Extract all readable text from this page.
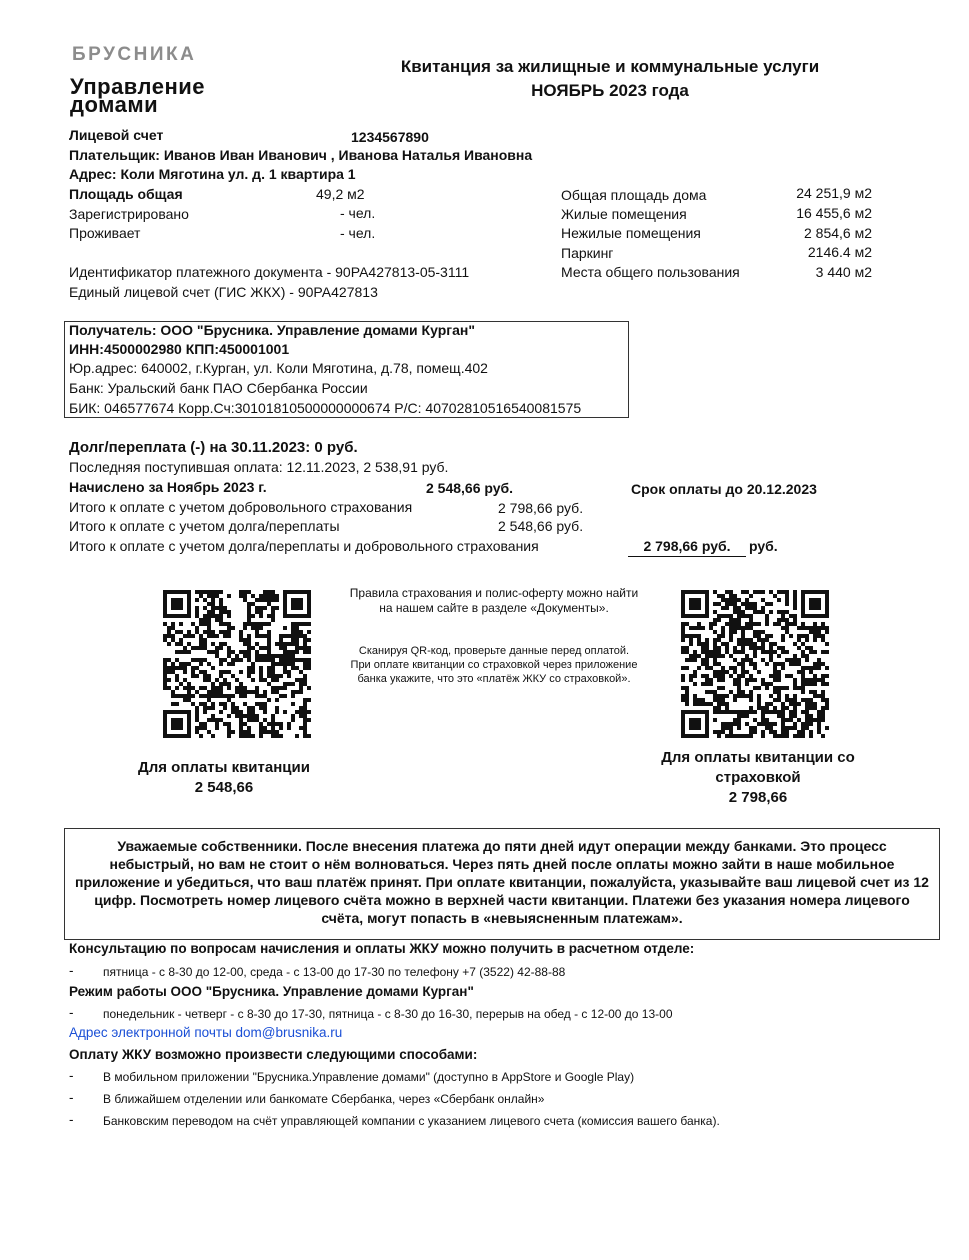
БРУСНИКА
Управление
домами
Квитанция за жилищные и коммунальные услуги
НОЯБРЬ 2023 года
Лицевой счет	1234567890
Плательщик: Иванов Иван Иванович , Иванова Наталья Ивановна
Адрес: Коли Мяготина ул. д. 1 квартира 1
Площадь общая	49,2 м2
Зарегистрировано	- чел.
Проживает	- чел.
Идентификатор платежного документа - 90РА427813-05-3111
Единый лицевой счет (ГИС ЖКХ) - 90РА427813
Общая площадь дома	24 251,9 м2
Жилые помещения	16 455,6 м2
Нежилые помещения	2 854,6 м2
Паркинг	2146.4 м2
Места общего пользования	3 440 м2
Получатель: ООО "Брусника. Управление домами Курган"
ИНН:4500002980 КПП:450001001
Юр.адрес: 640002, г.Курган, ул. Коли Мяготина, д.78, помещ.402
Банк: Уральский банк ПАО Сбербанка России
БИК: 046577674 Корр.Сч:30101810500000000674 Р/С: 40702810516540081575
Долг/переплата (-) на 30.11.2023: 0 руб.
Последняя поступившая оплата: 12.11.2023, 2 538,91 руб.
Начислено за Ноябрь 2023 г.	2 548,66 руб.	Срок оплаты до 20.12.2023
Итого к оплате с учетом добровольного страхования	2 798,66 руб.
Итого к оплате с учетом долга/переплаты	2 548,66 руб.
Итого к оплате с учетом долга/переплаты и добровольного страхования	2 798,66 руб.	руб.
Правила страхования и полис-оферту можно найти
на нашем сайте в разделе «Документы».
Сканируя QR-код, проверьте данные перед оплатой.
При оплате квитанции со страховкой через приложение
банка укажите, что это «платёж ЖКУ со страховкой».
Для оплаты квитанции
2 548,66
Для оплаты квитанции со
страховкой
2 798,66
Уважаемые собственники. После внесения платежа до пяти дней идут операции между банками. Это процесс небыстрый, но вам не стоит о нём волноваться. Через пять дней после оплаты можно зайти в наше мобильное приложение и убедиться, что ваш платёж принят. При оплате квитанции, пожалуйста, указывайте ваш лицевой счет из 12 цифр. Посмотреть номер лицевого счёта можно в верхней части квитанции. Платежи без указания номера лицевого счёта, могут попасть в «невыясненным платежам».
Консультацию по вопросам начисления и оплаты ЖКУ можно получить в расчетном отделе:
- пятница - с 8-30 до 12-00, среда - с 13-00 до 17-30 по телефону +7 (3522) 42-88-88
Режим работы ООО "Брусника. Управление домами Курган"
- понедельник - четверг - с 8-30 до 17-30, пятница - с 8-30 до 16-30, перерыв на обед - с 12-00 до 13-00
Адрес электронной почты dom@brusnika.ru
Оплату ЖКУ возможно произвести следующими способами:
- В мобильном приложении "Брусника.Управление домами" (доступно в AppStore и Google Play)
- В ближайшем отделении или банкомате Сбербанка, через «Сбербанк онлайн»
- Банковским переводом на счёт управляющей компании с указанием лицевого счета (комиссия вашего банка).
